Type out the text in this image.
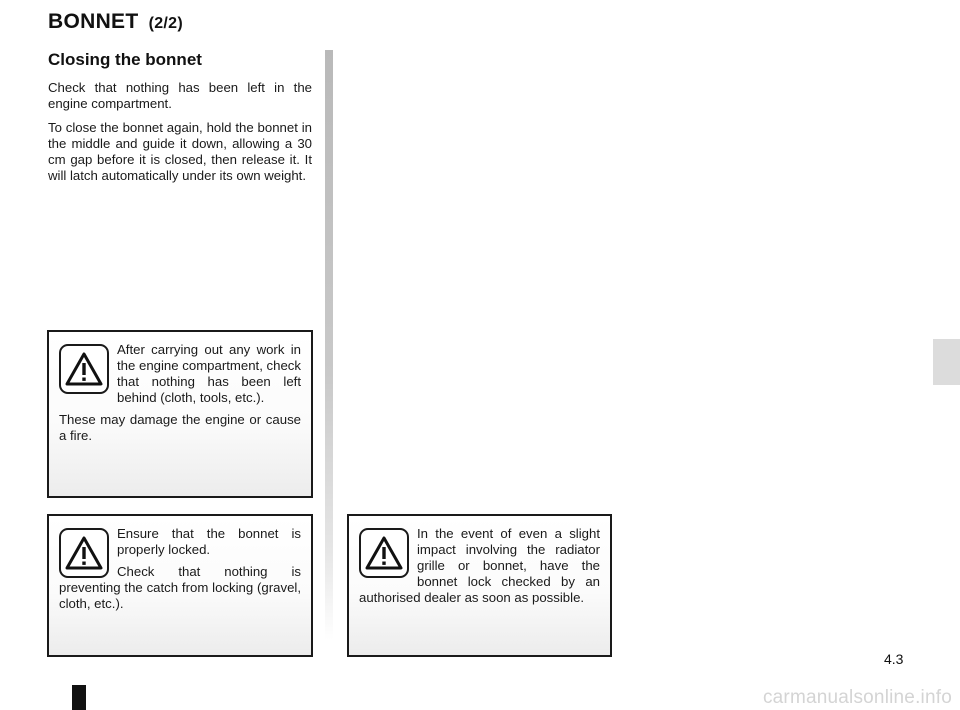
BONNET (2/2)
Closing the bonnet

Check that nothing has been left in the engine compartment.

To close the bonnet again, hold the bonnet in the middle and guide it down, allowing a 30 cm gap before it is closed, then release it. It will latch automatically under its own weight.

After carrying out any work in the engine compartment, check that nothing has been left behind (cloth, tools, etc.).

These may damage the engine or cause a fire.

Ensure that the bonnet is properly locked.

Check that nothing is preventing the catch from locking (gravel, cloth, etc.).

In the event of even a slight impact involving the radiator grille or bonnet, have the bonnet lock checked by an authorised dealer as soon as possible.

4.3
carmanualsonline.info
